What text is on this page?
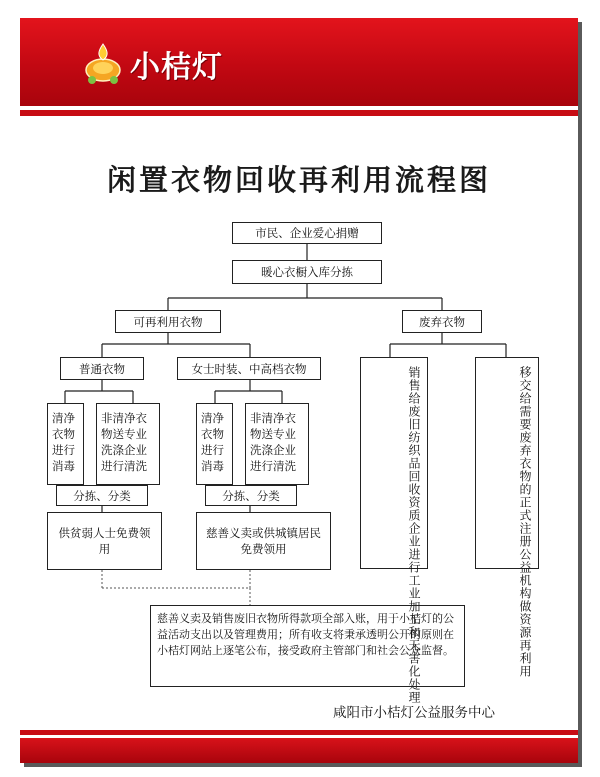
小桔灯
闲置衣物回收再利用流程图
市民、企业爱心捐赠
暖心衣橱入库分拣
可再利用衣物	废弃衣物
普通衣物	女士时装、中高档衣物
清净衣物进行消毒
非清净衣物送专业洗涤企业进行清洗
清净衣物进行消毒
非清净衣物送专业洗涤企业进行清洗
分拣、分类	分拣、分类
供贫弱人士免费领用
慈善义卖或供城镇居民免费领用	销售给废旧纺织品回收资质企业进行工业加工和无害化处理	移交给需要废弃衣物的正式注册公益机构做资源再利用
慈善义卖及销售废旧衣物所得款项全部入账，用于小桔灯的公益活动支出以及管理费用；所有收支将秉承透明公开的原则在小桔灯网站上逐笔公布，接受政府主管部门和社会公众监督。
咸阳市小桔灯公益服务中心
